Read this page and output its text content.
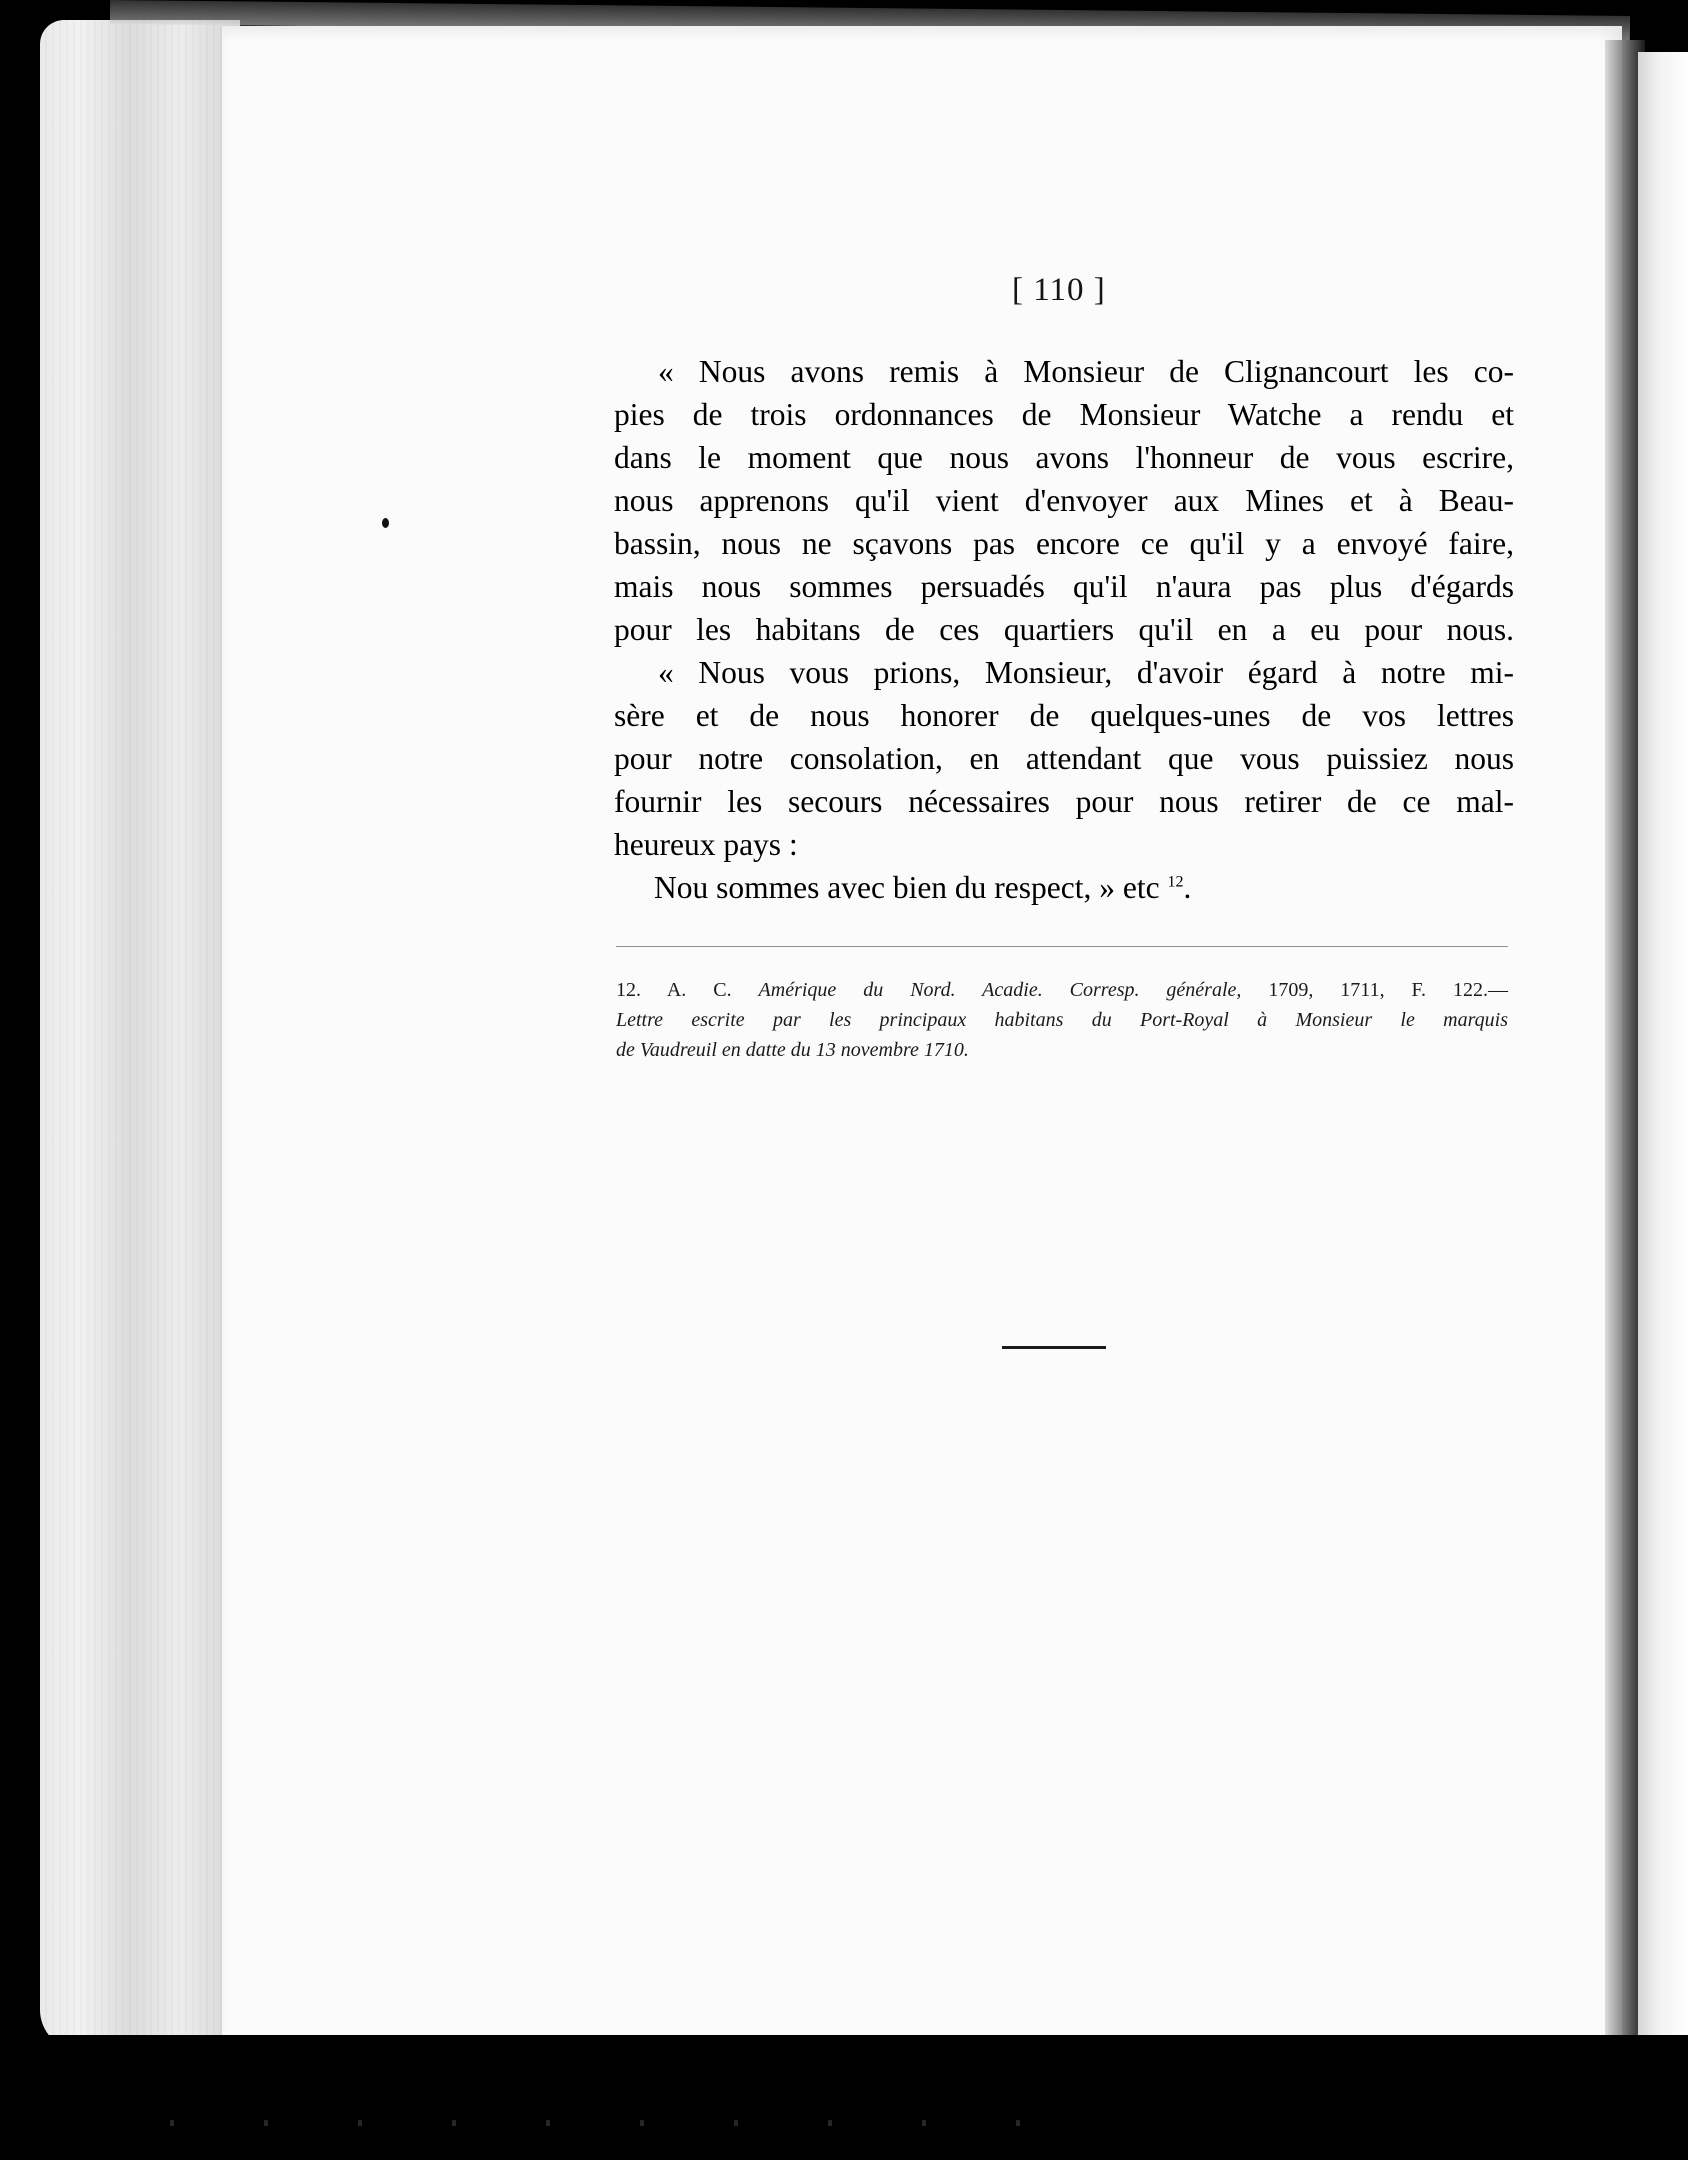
[ 110 ]
« Nous avons remis à Monsieur de Clignancourt les co-
pies de trois ordonnances de Monsieur Watche a rendu et
dans le moment que nous avons l'honneur de vous escrire,
nous apprenons qu'il vient d'envoyer aux Mines et à Beau-
bassin, nous ne sçavons pas encore ce qu'il y a envoyé faire,
mais nous sommes persuadés qu'il n'aura pas plus d'égards
pour les habitans de ces quartiers qu'il en a eu pour nous.
« Nous vous prions, Monsieur, d'avoir égard à notre mi-
sère et de nous honorer de quelques-unes de vos lettres
pour notre consolation, en attendant que vous puissiez nous
fournir les secours nécessaires pour nous retirer de ce mal-
heureux pays :
Nou sommes avec bien du respect, » etc $^{12}$.
12. A. C. Amérique du Nord. Acadie. Corresp. générale, 1709, 1711, F. 122.—
Lettre escrite par les principaux habitans du Port-Royal à Monsieur le marquis
de Vaudreuil en datte du 13 novembre 1710.
